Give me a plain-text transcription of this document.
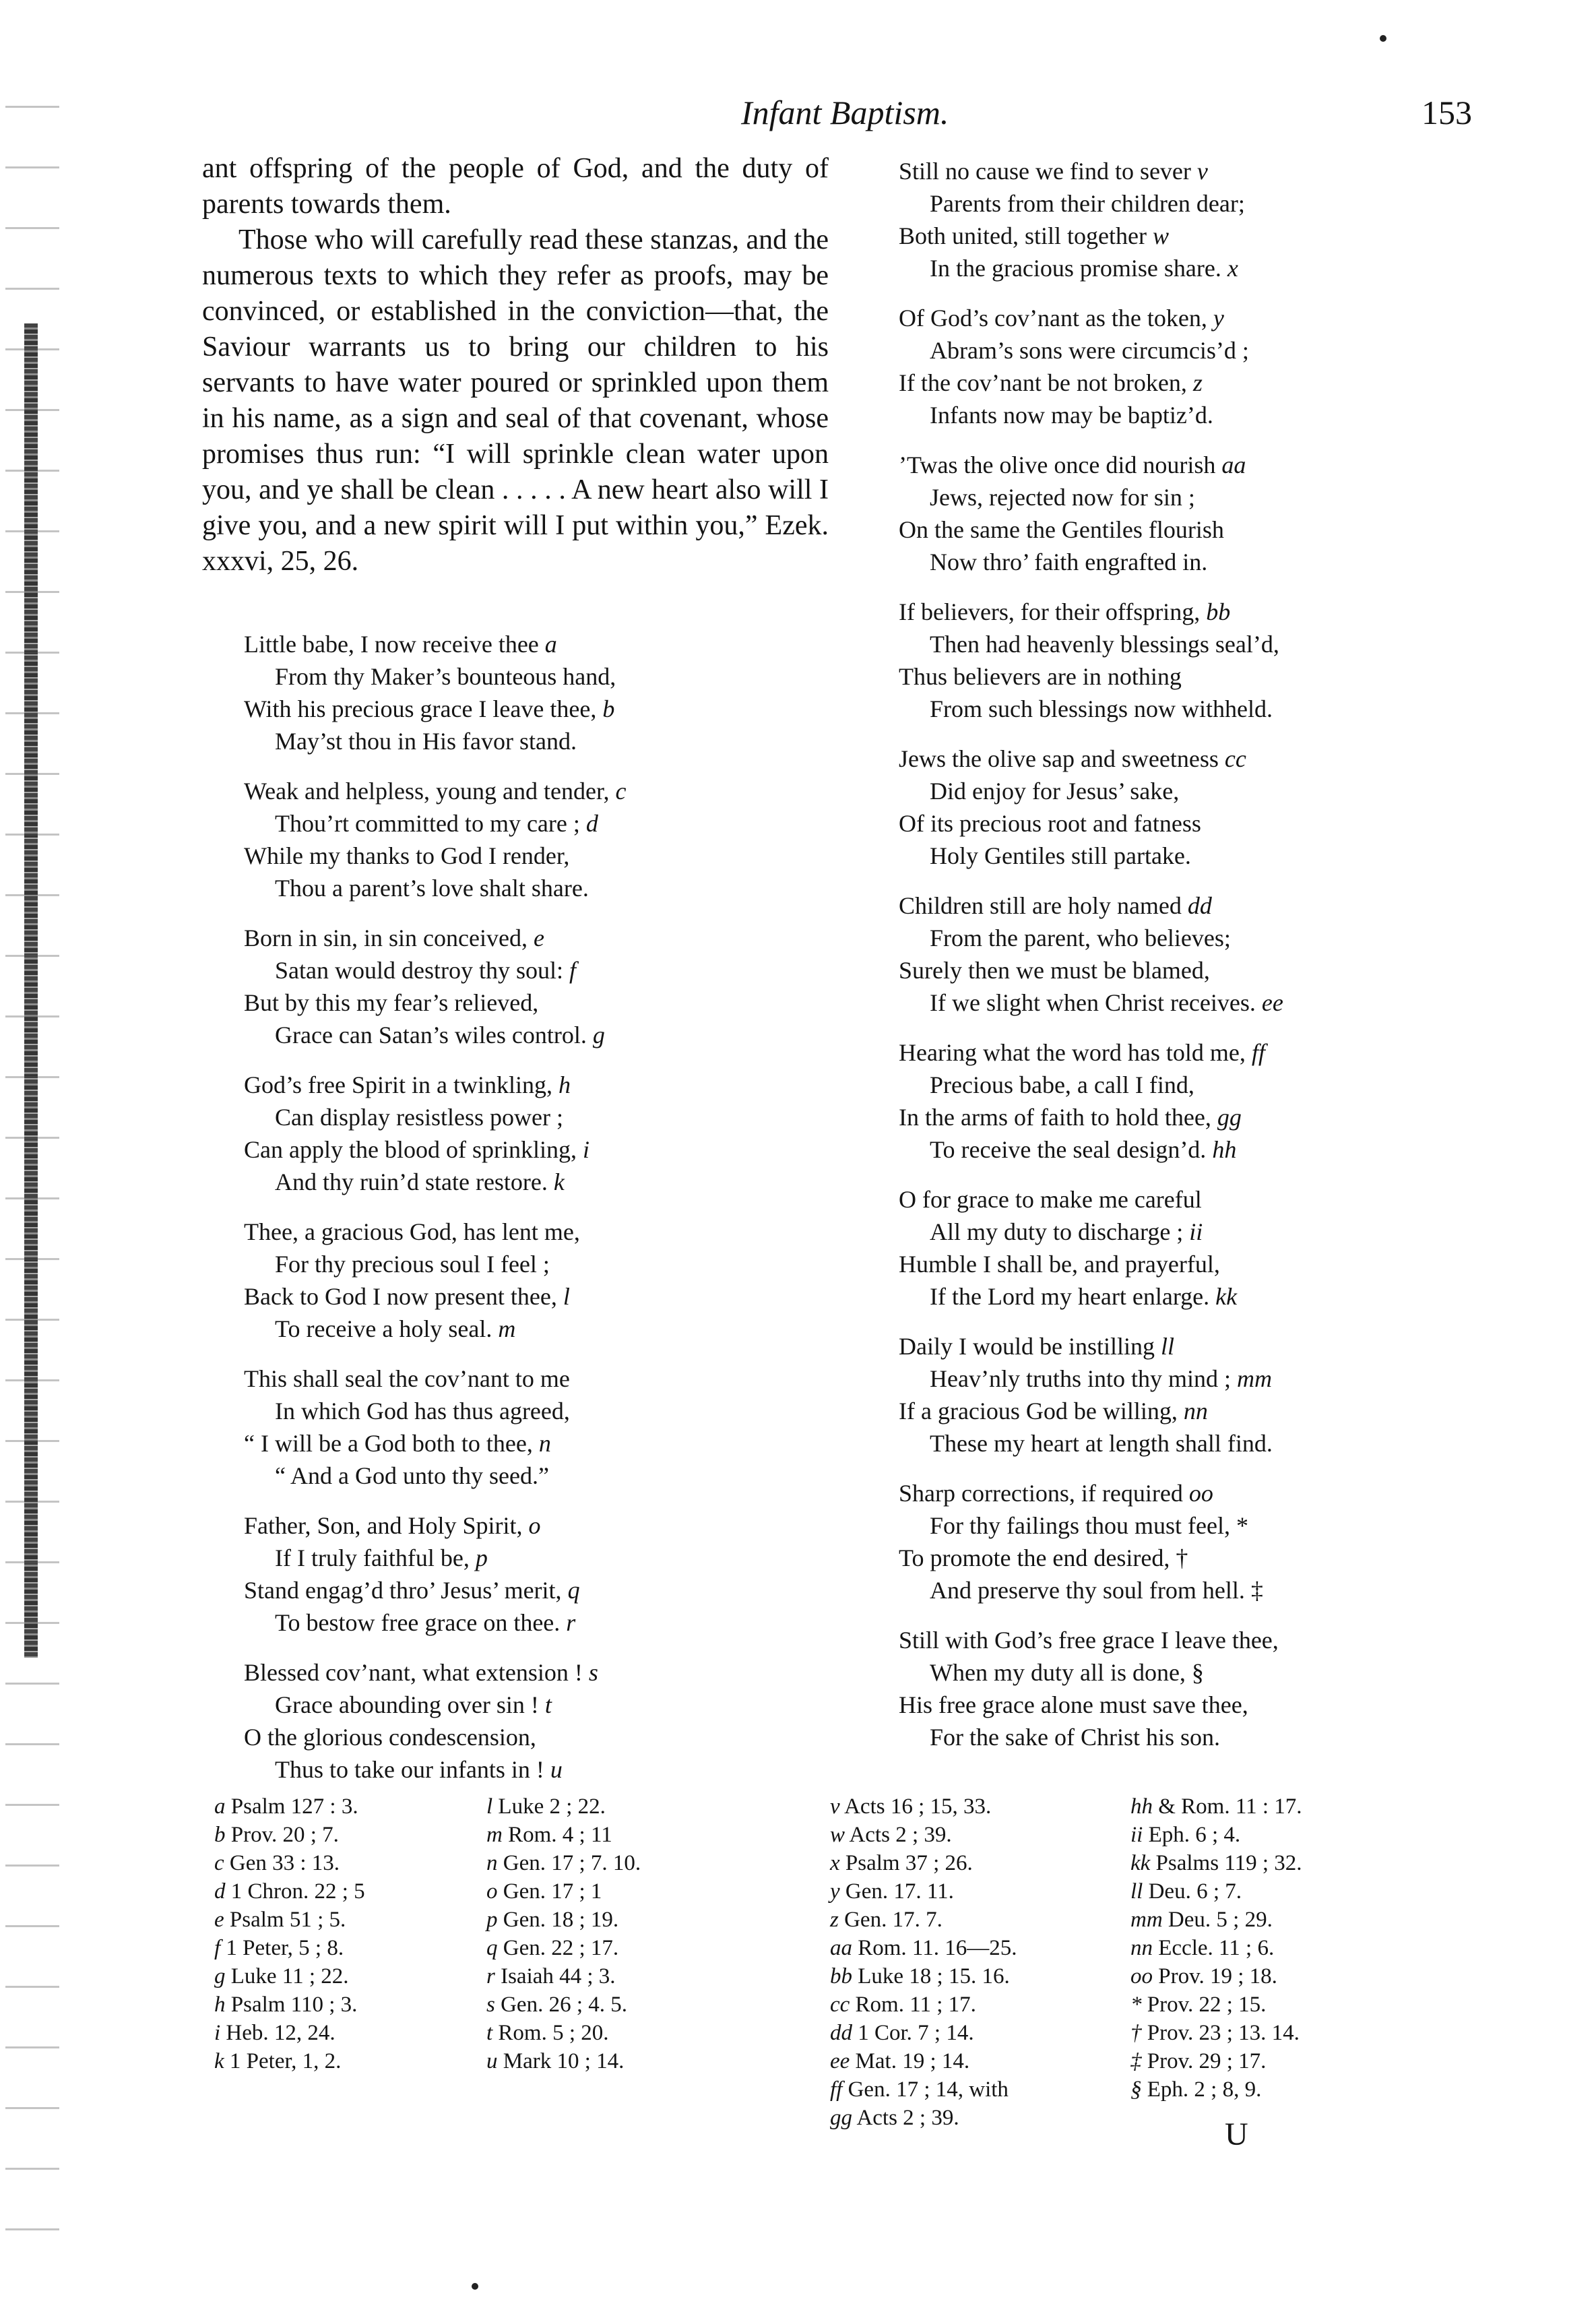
Infant Baptism.	153

ant offspring of the people of God, and the duty of parents towards them.

Those who will carefully read these stanzas, and the numerous texts to which they refer as proofs, may be convinced, or established in the conviction—that, the Saviour warrants us to bring our children to his servants to have water poured or sprinkled upon them in his name, as a sign and seal of that covenant, whose promises thus run: “I will sprinkle clean water upon you, and ye shall be clean . . . . . A new heart also will I give you, and a new spirit will I put within you,” Ezek. xxxvi, 25, 26.

Little babe, I now receive thee a
From thy Maker’s bounteous hand,
With his precious grace I leave thee, b
May’st thou in His favor stand.
Weak and helpless, young and tender, c
Thou’rt committed to my care ; d
While my thanks to God I render,
Thou a parent’s love shalt share.
Born in sin, in sin conceived, e
Satan would destroy thy soul: f
But by this my fear’s relieved,
Grace can Satan’s wiles control. g
God’s free Spirit in a twinkling, h
Can display resistless power ;
Can apply the blood of sprinkling, i
And thy ruin’d state restore. k
Thee, a gracious God, has lent me,
For thy precious soul I feel ;
Back to God I now present thee, l
To receive a holy seal. m
This shall seal the cov’nant to me
In which God has thus agreed,
“ I will be a God both to thee, n
“ And a God unto thy seed.”
Father, Son, and Holy Spirit, o
If I truly faithful be, p
Stand engag’d thro’ Jesus’ merit, q
To bestow free grace on thee. r
Blessed cov’nant, what extension ! s
Grace abounding over sin ! t
O the glorious condescension,
Thus to take our infants in ! u
Still no cause we find to sever v
Parents from their children dear;
Both united, still together w
In the gracious promise share. x
Of God’s cov’nant as the token, y
Abram’s sons were circumcis’d ;
If the cov’nant be not broken, z
Infants now may be baptiz’d.
’Twas the olive once did nourish aa
Jews, rejected now for sin ;
On the same the Gentiles flourish
Now thro’ faith engrafted in.
If believers, for their offspring, bb
Then had heavenly blessings seal’d,
Thus believers are in nothing
From such blessings now withheld.
Jews the olive sap and sweetness cc
Did enjoy for Jesus’ sake,
Of its precious root and fatness
Holy Gentiles still partake.
Children still are holy named dd
From the parent, who believes;
Surely then we must be blamed,
If we slight when Christ receives. ee
Hearing what the word has told me, ff
Precious babe, a call I find,
In the arms of faith to hold thee, gg
To receive the seal design’d. hh
O for grace to make me careful
All my duty to discharge ; ii
Humble I shall be, and prayerful,
If the Lord my heart enlarge. kk
Daily I would be instilling ll
Heav’nly truths into thy mind ; mm
If a gracious God be willing, nn
These my heart at length shall find.
Sharp corrections, if required oo
For thy failings thou must feel, *
To promote the end desired, †
And preserve thy soul from hell. ‡
Still with God’s free grace I leave thee,
When my duty all is done, §
His free grace alone must save thee,
For the sake of Christ his son.
a Psalm 127 : 3.
b Prov. 20 ; 7.
c Gen 33 : 13.
d 1 Chron. 22 ; 5
e Psalm 51 ; 5.
f 1 Peter, 5 ; 8.
g Luke 11 ; 22.
h Psalm 110 ; 3.
i Heb. 12, 24.
k 1 Peter, 1, 2.
l Luke 2 ; 22.
m Rom. 4 ; 11
n Gen. 17 ; 7. 10.
o Gen. 17 ; 1
p Gen. 18 ; 19.
q Gen. 22 ; 17.
r Isaiah 44 ; 3.
s Gen. 26 ; 4. 5.
t Rom. 5 ; 20.
u Mark 10 ; 14.
v Acts 16 ; 15, 33.
w Acts 2 ; 39.
x Psalm 37 ; 26.
y Gen. 17. 11.
z Gen. 17. 7.
aa Rom. 11. 16—25.
bb Luke 18 ; 15. 16.
cc Rom. 11 ; 17.
dd 1 Cor. 7 ; 14.
ee Mat. 19 ; 14.
ff Gen. 17 ; 14, with
gg Acts 2 ; 39.
hh & Rom. 11 : 17.
ii Eph. 6 ; 4.
kk Psalms 119 ; 32.
ll Deu. 6 ; 7.
mm Deu. 5 ; 29.
nn Eccle. 11 ; 6.
oo Prov. 19 ; 18.
* Prov. 22 ; 15.
† Prov. 23 ; 13. 14.
‡ Prov. 29 ; 17.
§ Eph. 2 ; 8, 9.
U
